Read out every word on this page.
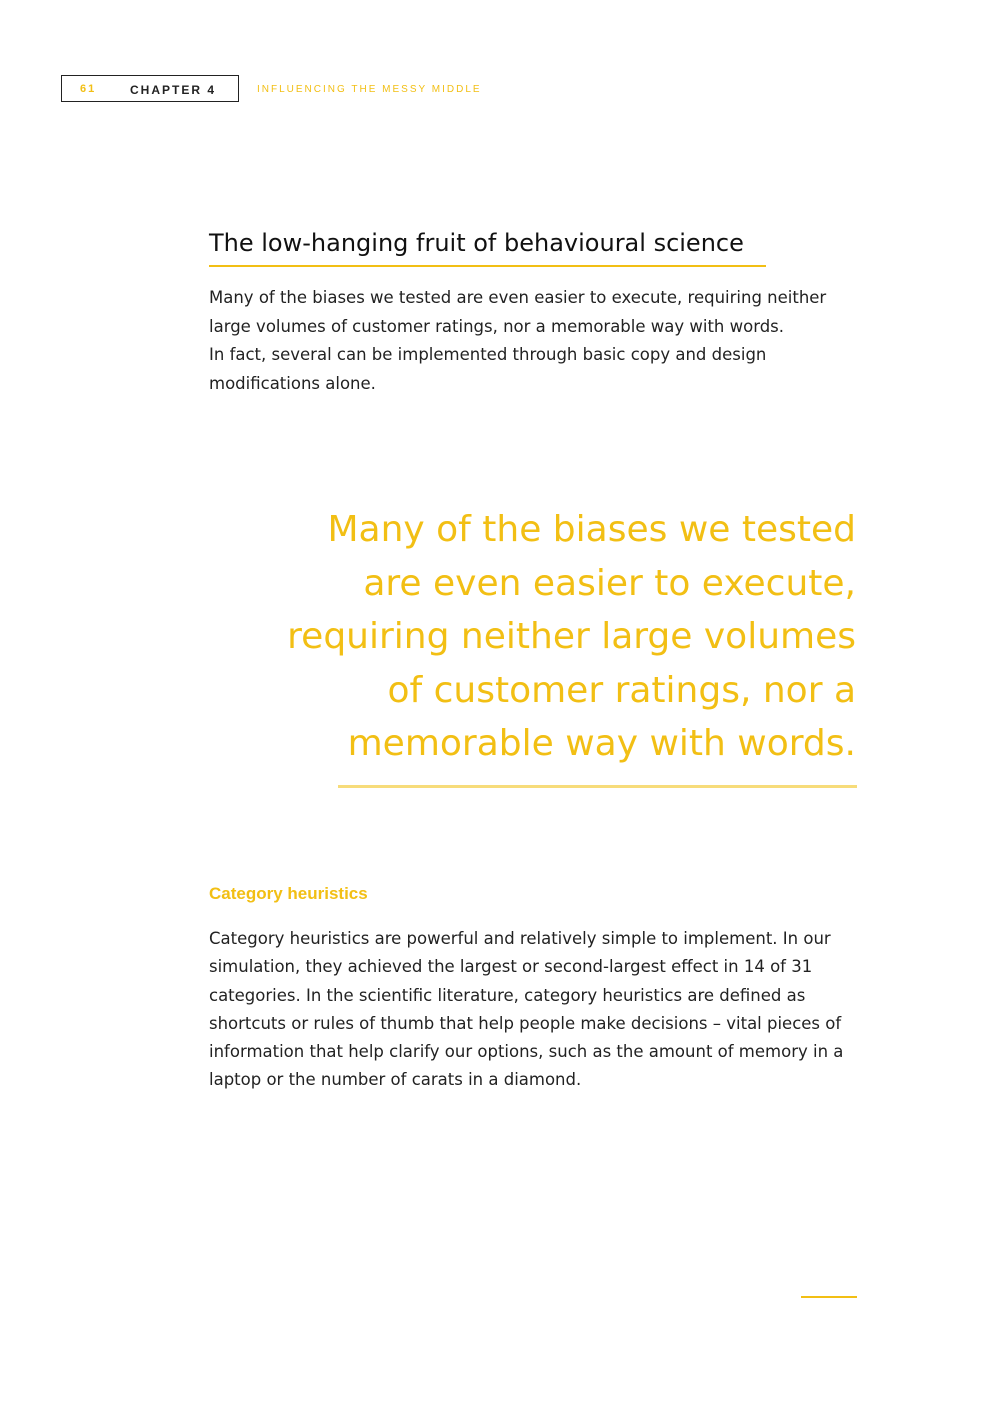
61	CHAPTER 4	INFLUENCING THE MESSY MIDDLE
The low-hanging fruit of behavioural science
Many of the biases we tested are even easier to execute, requiring neither
large volumes of customer ratings, nor a memorable way with words.
In fact, several can be implemented through basic copy and design
modifications alone.
Many of the biases we tested
are even easier to execute,
requiring neither large volumes
of customer ratings, nor a
memorable way with words.
Category heuristics
Category heuristics are powerful and relatively simple to implement. In our
simulation, they achieved the largest or second-largest effect in 14 of 31
categories. In the scientific literature, category heuristics are defined as
shortcuts or rules of thumb that help people make decisions – vital pieces of
information that help clarify our options, such as the amount of memory in a
laptop or the number of carats in a diamond.
